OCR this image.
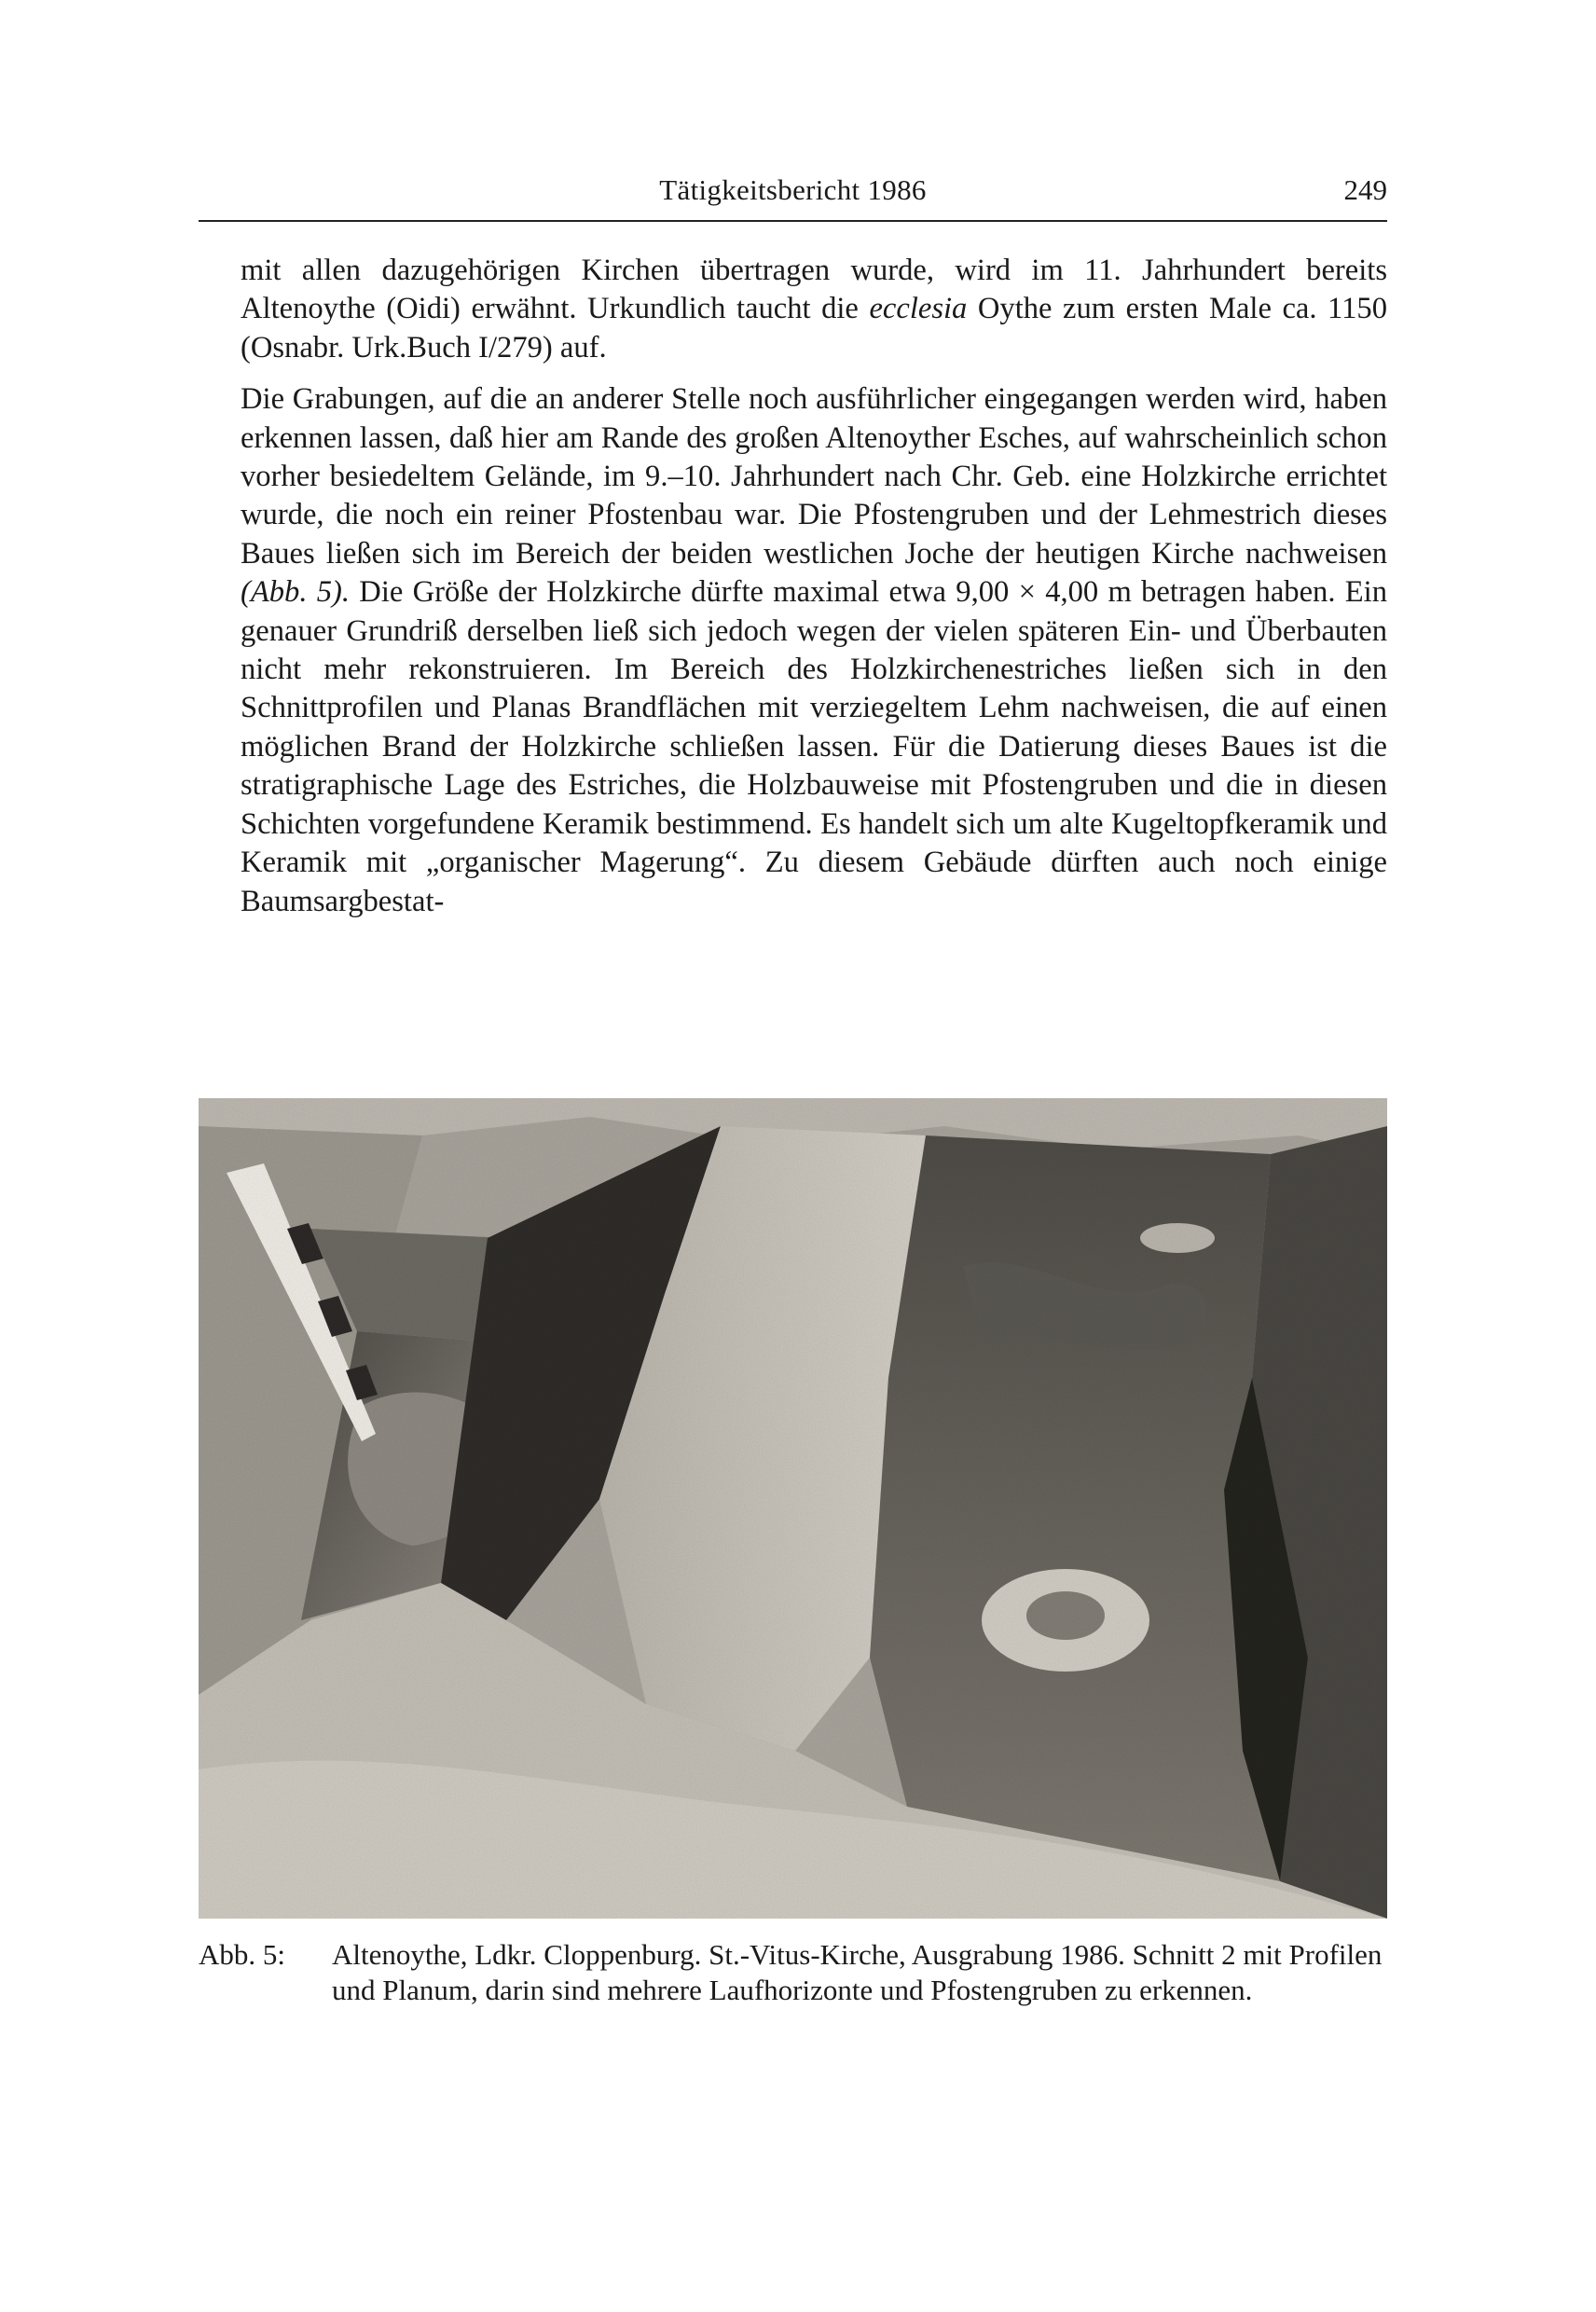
Tätigkeitsbericht 1986	249

mit allen dazugehörigen Kirchen übertragen wurde, wird im 11. Jahrhundert bereits Altenoythe (Oidi) erwähnt. Urkundlich taucht die ecclesia Oythe zum ersten Male ca. 1150 (Osnabr. Urk.Buch I/279) auf.

Die Grabungen, auf die an anderer Stelle noch ausführlicher eingegangen werden wird, haben erkennen lassen, daß hier am Rande des großen Altenoyther Esches, auf wahrscheinlich schon vorher besiedeltem Gelände, im 9.–10. Jahrhundert nach Chr. Geb. eine Holzkirche errichtet wurde, die noch ein reiner Pfostenbau war. Die Pfostengruben und der Lehmestrich dieses Baues ließen sich im Bereich der beiden westlichen Joche der heutigen Kirche nachweisen (Abb. 5). Die Größe der Holzkirche dürfte maximal etwa 9,00 × 4,00 m betragen haben. Ein genauer Grundriß derselben ließ sich jedoch wegen der vielen späteren Ein- und Überbauten nicht mehr rekonstruieren. Im Bereich des Holzkirchenestriches ließen sich in den Schnittprofilen und Planas Brandflächen mit verziegeltem Lehm nachweisen, die auf einen möglichen Brand der Holzkirche schließen lassen. Für die Datierung dieses Baues ist die stratigraphische Lage des Estriches, die Holzbauweise mit Pfostengruben und die in diesen Schichten vorgefundene Keramik bestimmend. Es handelt sich um alte Kugeltopfkeramik und Keramik mit „organischer Magerung“. Zu diesem Gebäude dürften auch noch einige Baumsargbestat-

Abb. 5: Altenoythe, Ldkr. Cloppenburg. St.-Vitus-Kirche, Ausgrabung 1986. Schnitt 2 mit Profilen und Planum, darin sind mehrere Laufhorizonte und Pfostengruben zu erkennen.
